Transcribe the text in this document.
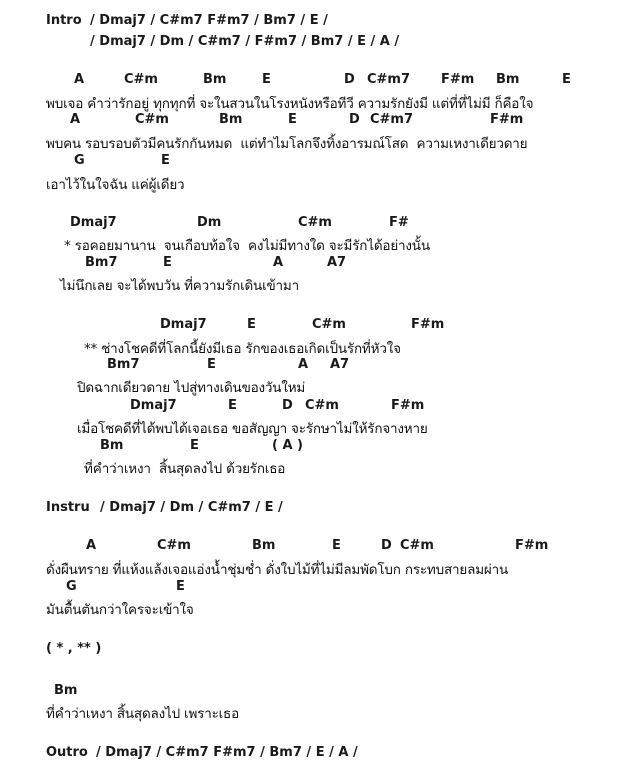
Intro / Dmaj7 / C#m7 F#m7 / Bm7 / E /
/ Dmaj7 / Dm / C#m7 / F#m7 / Bm7 / E / A /
พบเจอ คำว่ารักอยู่ ทุกทุกที่ จะในสวนในโรงหนังหรือทีวี ความรักยังมี แต่ที่ที่ไม่มี ก็คือใจ
พบคน รอบรอบตัวมีคนรักกันหมด  แต่ทำไมโลกจึงทิ้งอารมณ์โสด  ความเหงาเดียวดาย
เอาไว้ในใจฉัน แค่ผู้เดียว
* รอคอยมานาน  จนเกือบท้อใจ  คงไม่มีทางใด จะมีรักได้อย่างนั้น
ไม่นึกเลย จะได้พบวัน ที่ความรักเดินเข้ามา
** ช่างโชคดีที่โลกนี้ยังมีเธอ รักของเธอเกิดเป็นรักที่หัวใจ
ปิดฉากเดียวดาย ไปสู่ทางเดินของวันใหม่
เมื่อโชคดีที่ได้พบได้เจอเธอ ขอสัญญา จะรักษาไม่ให้รักจางหาย
ที่คำว่าเหงา  สิ้นสุดลงไป ด้วยรักเธอ
Instru / Dmaj7 / Dm / C#m7 / E /
ดั่งผืนทราย ที่แห้งแล้งเจอแอ่งน้ำชุ่มช่ำ ดั่งใบไม้ที่ไม่มีลมพัดโบก กระทบสายลมผ่าน
มันตื้นตันกว่าใครจะเข้าใจ
( * , ** )
ที่คำว่าเหงา สิ้นสุดลงไป เพราะเธอ
Outro / Dmaj7 / C#m7 F#m7 / Bm7 / E / A /
A	C#m	Bm	E	D C#m7 F#m Bm	E
A	C#m	Bm	E	D C#m7	F#m
G	E
Dmaj7	Dm	C#m	F#
Bm7	E	A	A7
Dmaj7	E	C#m	F#m
Bm7	E	A A7
Dmaj7	E	D C#m	F#m
Bm	E	( A )
A	C#m	Bm	E	D C#m	F#m
G	E
Bm
